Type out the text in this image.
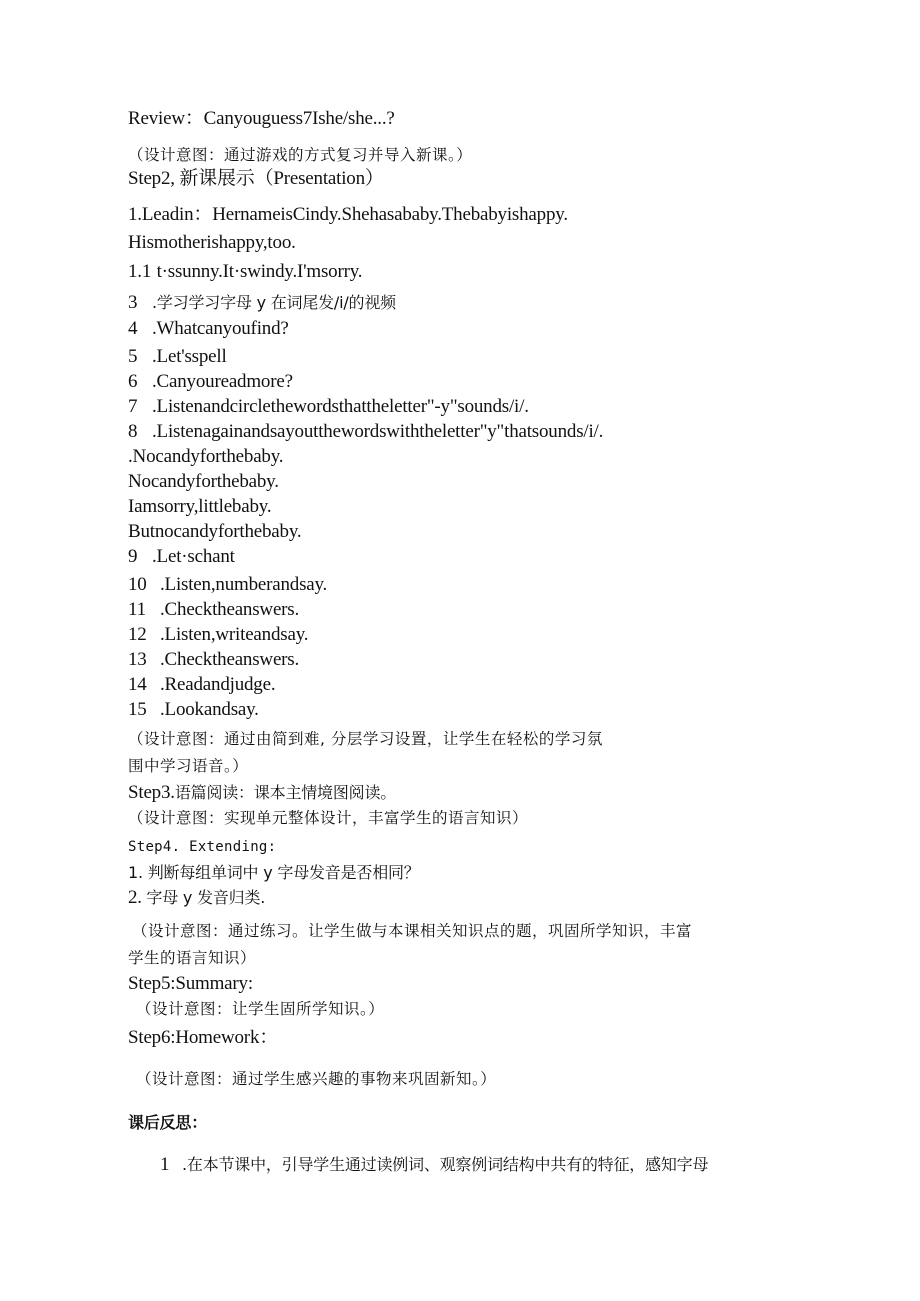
Review：Canyouguess7Ishe/she...?
（设计意图：通过游戏的方式复习并导入新课。）
Step2, 新课展示（Presentation）
1.Leadin：HernameisCindy.Shehasababy.Thebabyishappy.
Hismotherishappy,too.
1.1 t·ssunny.It·swindy.I'msorry.
3 .学习学习字母 y 在词尾发/i/的视频
4 .Whatcanyoufind?
5 .Let'sspell
6 .Canyoureadmore?
7 .Listenandcirclethewordsthattheletter"-y"sounds/i/.
8 .Listenagainandsayoutthewordswiththeletter"y"thatsounds/i/.
.Nocandyforthebaby.
Nocandyforthebaby.
Iamsorry,littlebaby.
Butnocandyforthebaby.
9 .Let·schant
10 .Listen,numberandsay.
11 .Checktheanswers.
12 .Listen,writeandsay.
13 .Checktheanswers.
14 .Readandjudge.
15 .Lookandsay.
（设计意图：通过由简到难, 分层学习设置，让学生在轻松的学习氛
围中学习语音。）
Step3.语篇阅读：课本主情境图阅读。
（设计意图：实现单元整体设计，丰富学生的语言知识）
Step4. Extending:
1. 判断每组单词中 y 字母发音是否相同？
2. 字母 y 发音归类.
（设计意图：通过练习。让学生做与本课相关知识点的题，巩固所学知识，丰富
学生的语言知识）
Step5:Summary:
（设计意图：让学生固所学知识。）
Step6:Homework：
（设计意图：通过学生感兴趣的事物来巩固新知。）
课后反思：
1 .在本节课中，引导学生通过读例词、观察例词结构中共有的特征，感知字母
